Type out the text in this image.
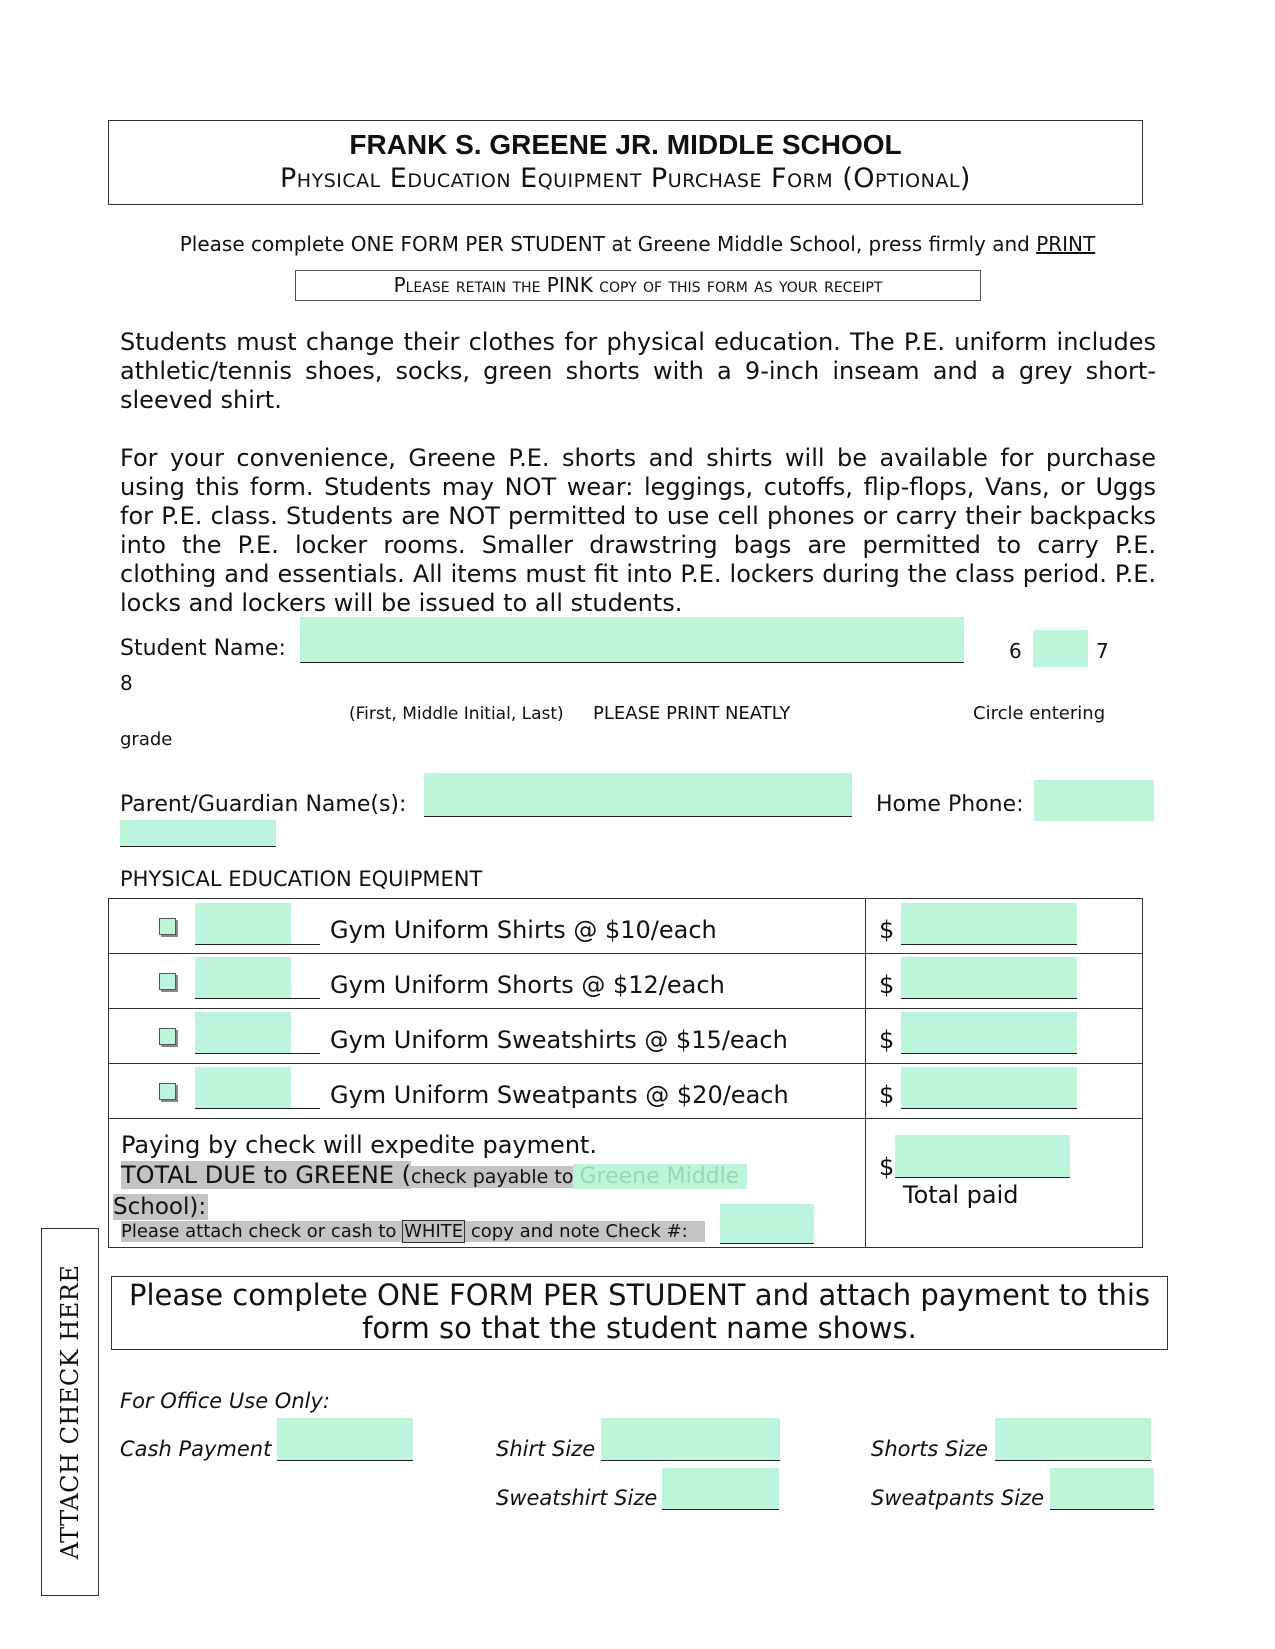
FRANK S. GREENE JR. MIDDLE SCHOOL
Physical Education Equipment Purchase Form (Optional)
Please complete ONE FORM PER STUDENT at Greene Middle School, press firmly and PRINT
Please retain the PINK copy of this form as your receipt
Students must change their clothes for physical education. The P.E. uniform includes athletic/tennis shoes, socks, green shorts with a 9-inch inseam and a grey short-sleeved shirt.
For your convenience, Greene P.E. shorts and shirts will be available for purchase using this form. Students may NOT wear: leggings, cutoffs, flip-flops, Vans, or Uggs for P.E. class. Students are NOT permitted to use cell phones or carry their backpacks into the P.E. locker rooms. Smaller drawstring bags are permitted to carry P.E. clothing and essentials. All items must fit into P.E. lockers during the class period. P.E. locks and lockers will be issued to all students.
Student Name:	6	7
8
(First, Middle Initial, Last) PLEASE PRINT NEATLY	Circle entering
grade
Parent/Guardian Name(s):	Home Phone:
PHYSICAL EDUCATION EQUIPMENT
Gym Uniform Shirts @ $10/each	$
Gym Uniform Shorts @ $12/each	$
Gym Uniform Sweatshirts @ $15/each	$
Gym Uniform Sweatpants @ $20/each	$
Paying by check will expedite payment.
TOTAL DUE to GREENE (check payable to Greene Middle
School):
Please attach check or cash to WHITE copy and note Check #:
$
Total paid
Please complete ONE FORM PER STUDENT and attach payment to this form so that the student name shows.
ATTACH CHECK HERE For Office Use Only:
Cash Payment	Shirt Size	Shorts Size
Sweatshirt Size	Sweatpants Size
